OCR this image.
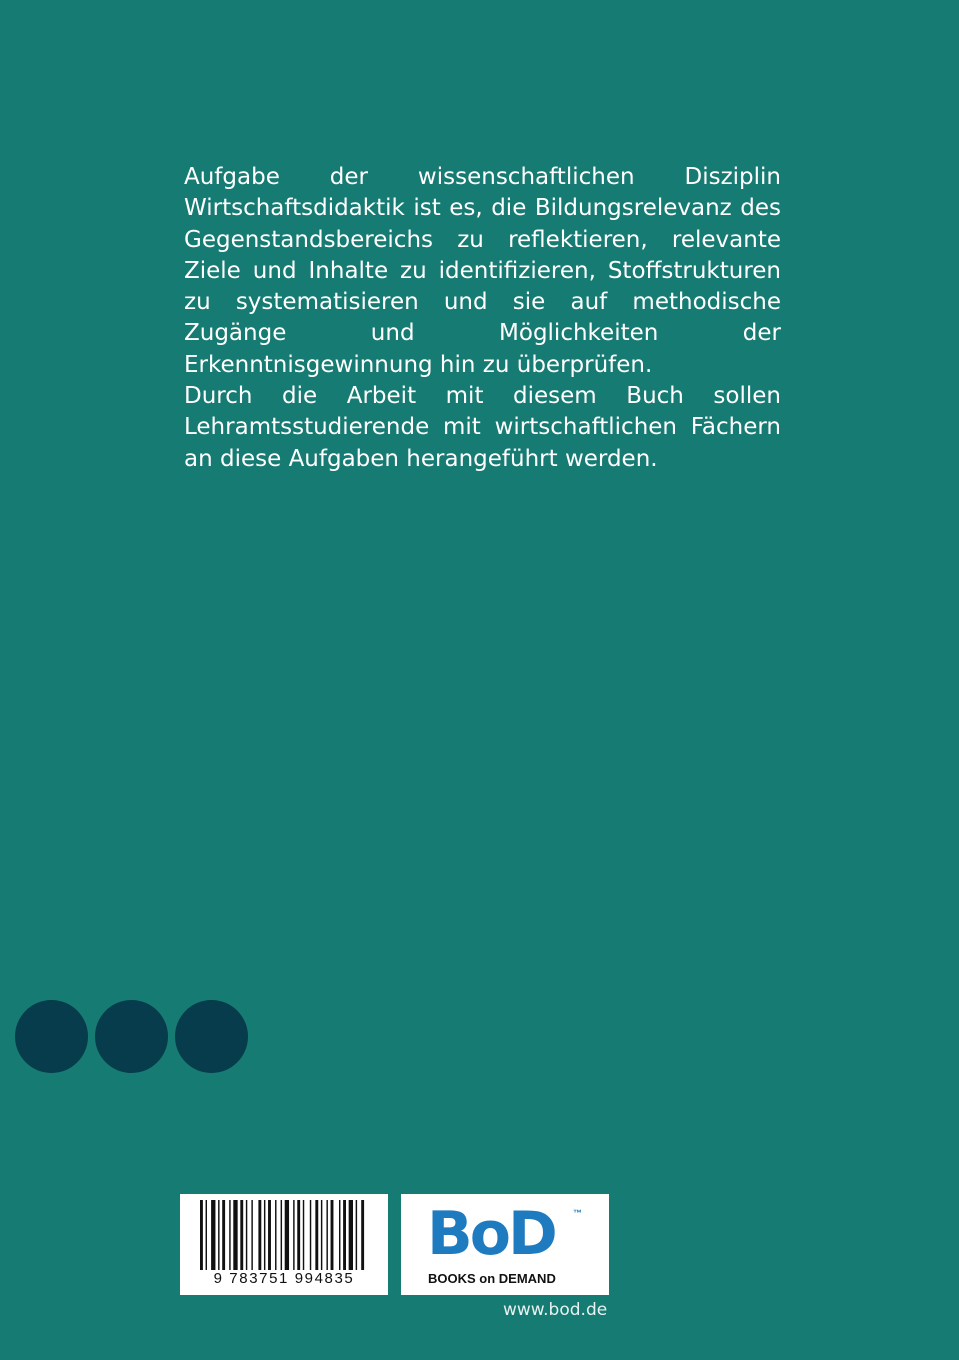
Aufgabe der wissenschaftlichen Disziplin Wirtschaftsdidaktik ist es, die Bildungsrelevanz des Gegenstandsbereichs zu reflektieren, relevante Ziele und Inhalte zu identifizieren, Stoffstrukturen zu systematisieren und sie auf methodische Zugänge und Möglichkeiten der Erkenntnisgewinnung hin zu überprüfen.

Durch die Arbeit mit diesem Buch sollen Lehramtsstudierende mit wirtschaftlichen Fächern an diese Aufgaben herangeführt werden.

9 783751 994835
BoD ™
BOOKS on DEMAND
www.bod.de
